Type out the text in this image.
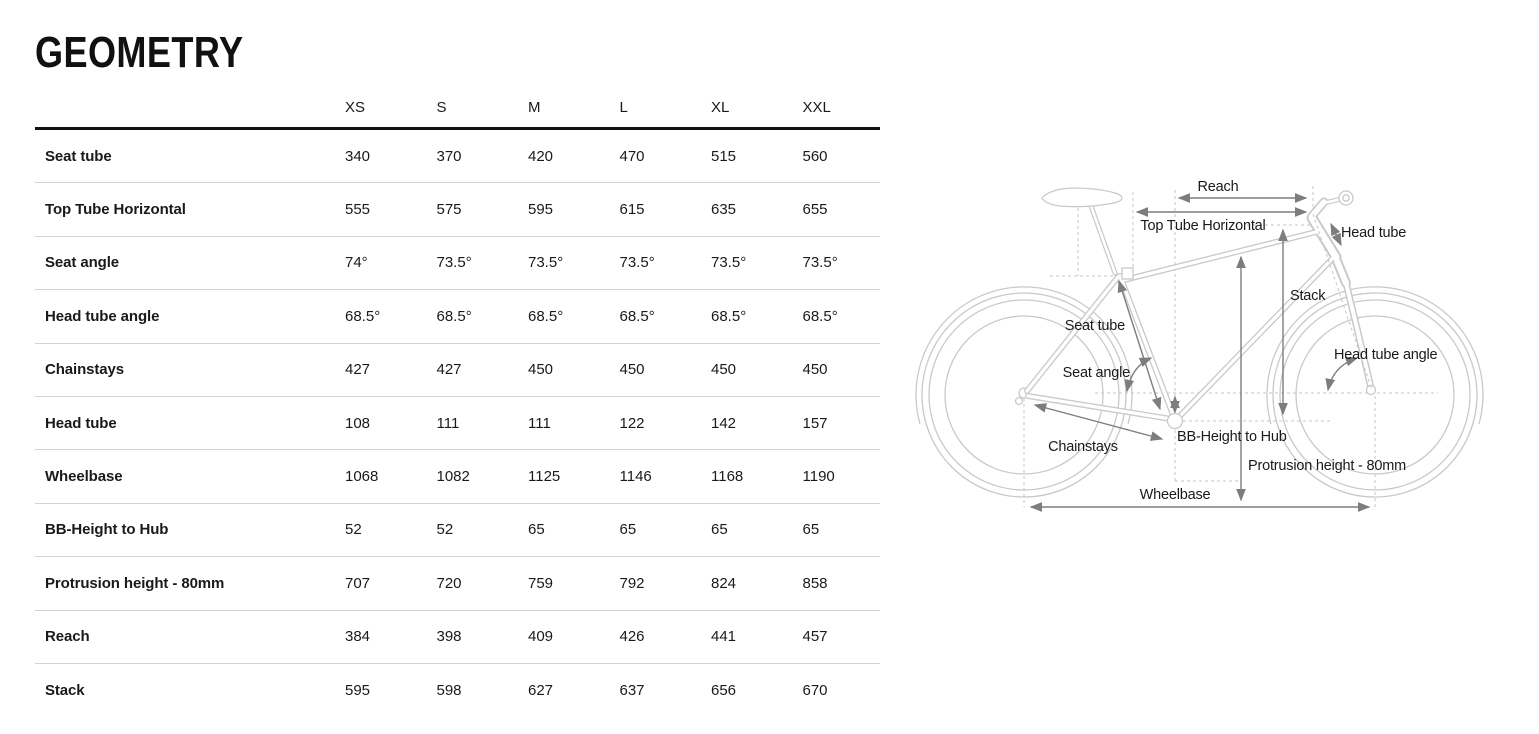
GEOMETRY
XS	S	M	L	XL	XXL
Seat tube	340	370	420	470	515	560
Top Tube Horizontal	555	575	595	615	635	655
Seat angle	74°	73.5°	73.5°	73.5°	73.5°	73.5°
Head tube angle	68.5°	68.5°	68.5°	68.5°	68.5°	68.5°
Chainstays	427	427	450	450	450	450
Head tube	108	111	111	122	142	157
Wheelbase	1068	1082	1125	1146	1168	1190
BB-Height to Hub	52	52	65	65	65	65
Protrusion height - 80mm	707	720	759	792	824	858
Reach	384	398	409	426	441	457
Stack	595	598	627	637	656	670
Reach
Top Tube Horizontal	Head tube
Stack
Seat tube
Head tube angle
Seat angle
Chainstays
BB-Height to Hub
Protrusion height - 80mm
Wheelbase
